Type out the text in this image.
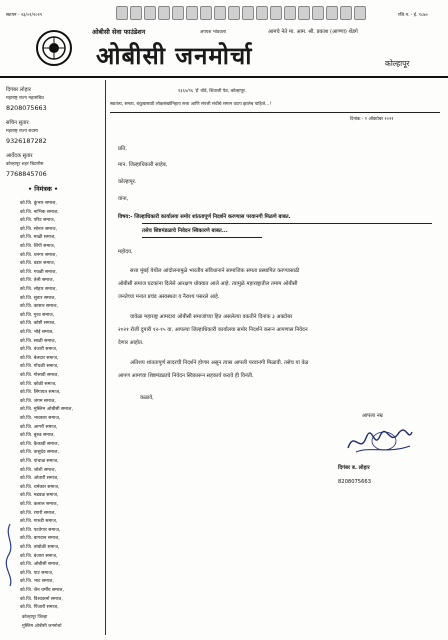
स्थापन - २३/०१/२०१९	रजि.न. - ई. १८७०
ओबीसी सेवा फाउंडेशन	अपयश भांडवला	आमचे नेते मा. आम. श्री. प्रकाश (आण्णा) शेंडगे
ओबीसी जनमोर्चा	कोल्हापूर
१३६५/१६ 'ई' वॉर्ड, शिवाजी पेठ, कोल्हापूर.
स्वातंत्र्य, समता, बंधुत्वासाठी लोकसंख्येनिहाय सत्ता आणि संपत्ती संधीचे समान वाटप झालेच पाहिजे...!
दिनांक - १ ऑक्टोबर २०२१
दिगंबर लोहार
महाराष्ट्र राज्य महासचिव
8208075663
सचिन सुतार
महाराष्ट्र राज्य सदस्य
9326187282
आर्वेदक सुतार
कोल्हापूर शहर चिटणीस
7768845706
• निमंत्रक •
को.जि. कुंभार समाज,
को.जि. नाभिक समाज,
को.जि. परिट समाज,
को.जि. सोनार समाज,
को.जि. माळी समाज,
को.जि. शिंपी समाज,
को.जि. धनगर समाज,
को.जि. वडार समाज,
को.जि. गवळी समाज,
को.जि. तेली समाज,
को.जि. लोहार समाज,
को.जि. सुतार समाज,
को.जि. कासार समाज,
को.जि. गुरव समाज,
को.जि. कोष्टी समाज,
को.जि. भोई समाज,
को.जि. साळी समाज,
को.जि. वंजारी समाज,
को.जि. बेलदार समाज,
को.जि. गोंधळी समाज,
को.जि. गोसावी समाज,
को.जि. कोळी समाज,
को.जि. लिंगायत समाज,
को.जि. जंगम समाज,
को.जि. मुस्लिम ओबीसी समाज,
को.जि. भावसार समाज,
को.जि. आगरी समाज,
को.जि. बुरुड समाज,
को.जि. कैकाडी समाज,
को.जि. वासुदेव समाज,
को.जि. पांचाळ समाज,
को.जि. जोशी समाज,
को.जि. ओतारी समाज,
को.जि. चर्मकार समाज,
को.जि. मडवळ समाज,
को.जि. कलाल समाज,
को.जि. रंगारी समाज,
को.जि. गारुडी समाज,
को.जि. पटवेगार समाज,
को.जि. बागवान समाज,
को.जि. तांबोळी समाज,
को.जि. बंजारा समाज,
को.जि. ओबीसी समाज,
को.जि. पाट समाज,
को.जि. भाट समाज,
को.जि. जैन धर्मीय समाज,
को.जि. विश्वकर्मा समाज,
को.जि. पिंजारी समाज,
कोल्हापूर जिल्हा
मुस्लिम ओबीसी जनमोर्चा
प्रति,
मान. जिल्हाधिकारी साहेब,
कोल्हापूर.
यांना,
विषय:- जिल्हाधिकारी कार्यालया समोर शांततापूर्ण निदर्शने करण्यास परवानगी मिळणे बाबत.
तसेच शिष्टमंडळाचे निवेदन स्विकारणे बाबत...
महोदय,
सत्ता मुंबई येथील आंदोलनामुळे भारतीय संविधानाने सामाजिक समता प्रस्थापित करण्यासाठी
ओबीसी समाज घटकांना दिलेले आरक्षण धोक्यात आले आहे. त्यामुळे महाराष्ट्रातील तमाम ओबीसी
जनतेच्या मनात प्रचंड अस्वस्थता व नैराश्य पसरले आहे.
यावेळा महाराष्ट्र आमदारा ओबीसी समाजांच्या हित असलेल्या वकतीने दिनांक ३ अक्टोबर
२०२१ रोजी दुपारी १२-१५ वा. आपल्या जिल्हाधिकारी कार्यालया समोर निदर्शने करून आपणास निवेदन
देणार आहोत.
अतिशय शांततापूर्ण सादरची निदर्शने होणार असून त्यास आपली परवानगी मिळावी. तसेच या वेळ
आपण आमच्या शिष्टमंडळाचे निवेदन स्विकारून सहकार्य करावे ही विनंती.
कळावे,
आपला नम्र
दिगंबर ब. लोहार
8208075663
